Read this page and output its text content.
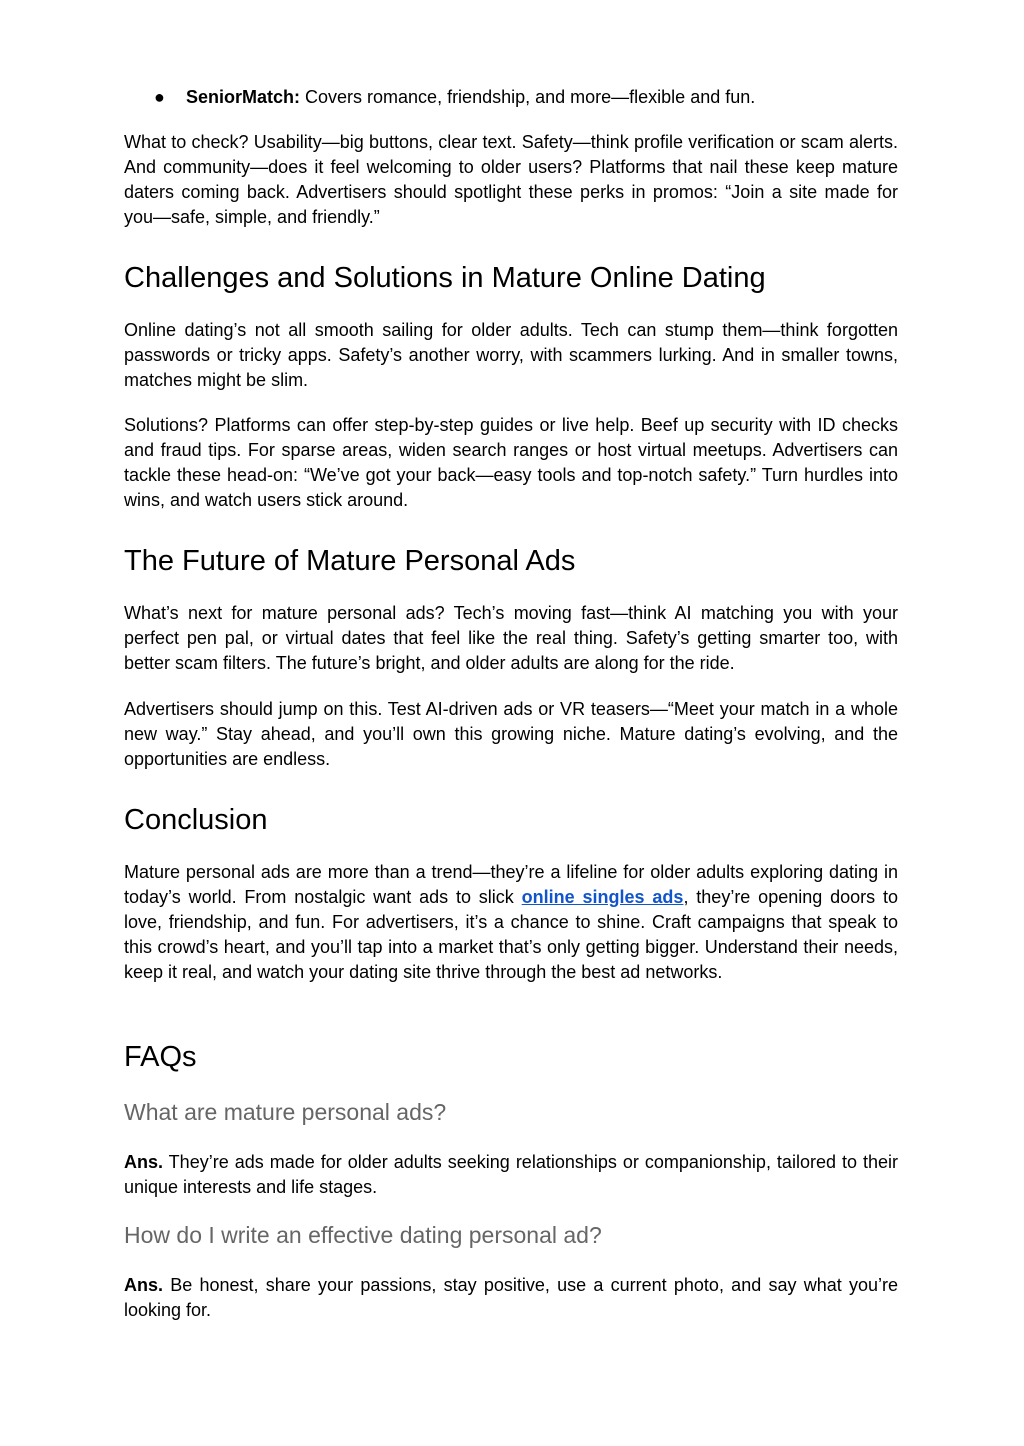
● SeniorMatch: Covers romance, friendship, and more—flexible and fun.

What to check? Usability—big buttons, clear text. Safety—think profile verification or scam alerts. And community—does it feel welcoming to older users? Platforms that nail these keep mature daters coming back. Advertisers should spotlight these perks in promos: “Join a site made for you—safe, simple, and friendly.”

Challenges and Solutions in Mature Online Dating

Online dating’s not all smooth sailing for older adults. Tech can stump them—think forgotten passwords or tricky apps. Safety’s another worry, with scammers lurking. And in smaller towns, matches might be slim.

Solutions? Platforms can offer step-by-step guides or live help. Beef up security with ID checks and fraud tips. For sparse areas, widen search ranges or host virtual meetups. Advertisers can tackle these head-on: “We’ve got your back—easy tools and top-notch safety.” Turn hurdles into wins, and watch users stick around.

The Future of Mature Personal Ads

What’s next for mature personal ads? Tech’s moving fast—think AI matching you with your perfect pen pal, or virtual dates that feel like the real thing. Safety’s getting smarter too, with better scam filters. The future’s bright, and older adults are along for the ride.

Advertisers should jump on this. Test AI-driven ads or VR teasers—“Meet your match in a whole new way.” Stay ahead, and you’ll own this growing niche. Mature dating’s evolving, and the opportunities are endless.

Conclusion

Mature personal ads are more than a trend—they’re a lifeline for older adults exploring dating in today’s world. From nostalgic want ads to slick online singles ads, they’re opening doors to love, friendship, and fun. For advertisers, it’s a chance to shine. Craft campaigns that speak to this crowd’s heart, and you’ll tap into a market that’s only getting bigger. Understand their needs, keep it real, and watch your dating site thrive through the best ad networks.

FAQs
What are mature personal ads?

Ans. They’re ads made for older adults seeking relationships or companionship, tailored to their unique interests and life stages.

How do I write an effective dating personal ad?

Ans. Be honest, share your passions, stay positive, use a current photo, and say what you’re looking for.
